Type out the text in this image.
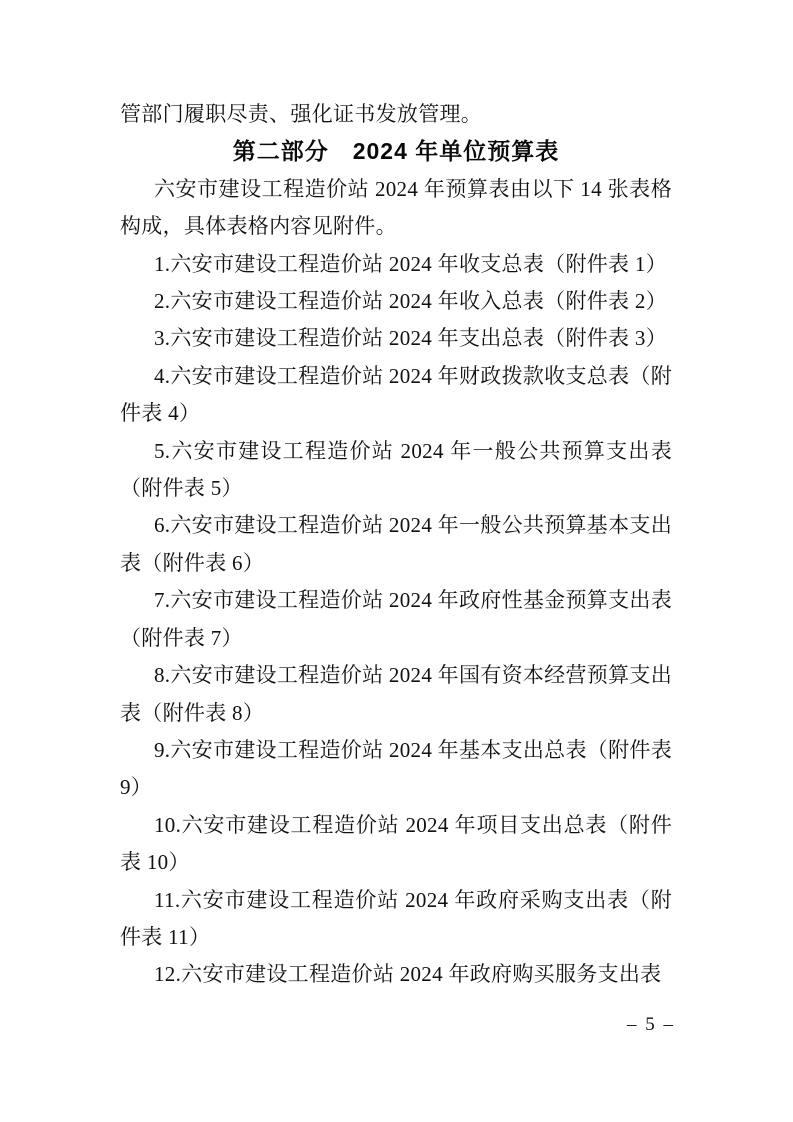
管部门履职尽责、强化证书发放管理。

第二部分　2024 年单位预算表

六安市建设工程造价站 2024 年预算表由以下 14 张表格构成，具体表格内容见附件。

1.六安市建设工程造价站 2024 年收支总表（附件表 1）

2.六安市建设工程造价站 2024 年收入总表（附件表 2）

3.六安市建设工程造价站 2024 年支出总表（附件表 3）

4.六安市建设工程造价站 2024 年财政拨款收支总表（附件表 4）

5.六安市建设工程造价站 2024 年一般公共预算支出表（附件表 5）

6.六安市建设工程造价站 2024 年一般公共预算基本支出表（附件表 6）

7.六安市建设工程造价站 2024 年政府性基金预算支出表（附件表 7）

8.六安市建设工程造价站 2024 年国有资本经营预算支出表（附件表 8）

9.六安市建设工程造价站 2024 年基本支出总表（附件表 9）

10.六安市建设工程造价站 2024 年项目支出总表（附件表 10）

11.六安市建设工程造价站 2024 年政府采购支出表（附件表 11）

12.六安市建设工程造价站 2024 年政府购买服务支出表

– 5 –
